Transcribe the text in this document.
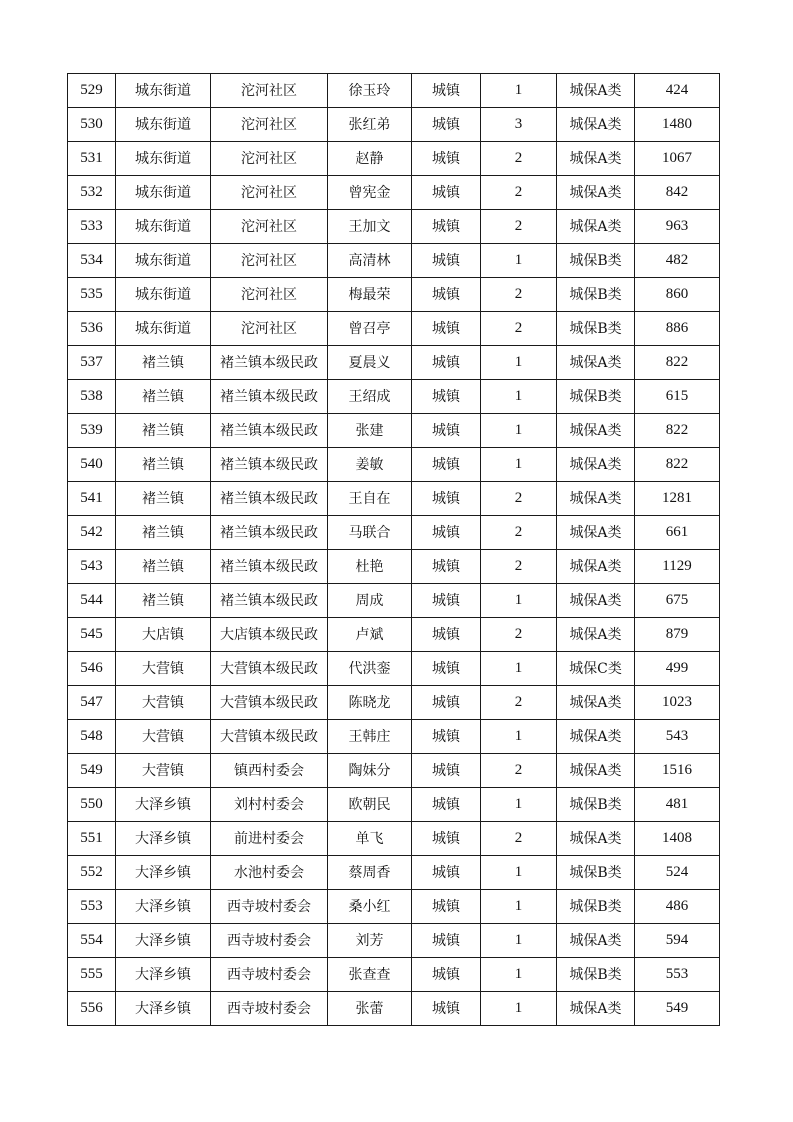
529	城东街道	沱河社区	徐玉玲	城镇	1	城保A类	424
530	城东街道	沱河社区	张红弟	城镇	3	城保A类	1480
531	城东街道	沱河社区	赵静	城镇	2	城保A类	1067
532	城东街道	沱河社区	曾宪金	城镇	2	城保A类	842
533	城东街道	沱河社区	王加文	城镇	2	城保A类	963
534	城东街道	沱河社区	高清林	城镇	1	城保B类	482
535	城东街道	沱河社区	梅最荣	城镇	2	城保B类	860
536	城东街道	沱河社区	曾召亭	城镇	2	城保B类	886
537	褚兰镇	褚兰镇本级民政	夏晨义	城镇	1	城保A类	822
538	褚兰镇	褚兰镇本级民政	王绍成	城镇	1	城保B类	615
539	褚兰镇	褚兰镇本级民政	张建	城镇	1	城保A类	822
540	褚兰镇	褚兰镇本级民政	姜敏	城镇	1	城保A类	822
541	褚兰镇	褚兰镇本级民政	王自在	城镇	2	城保A类	1281
542	褚兰镇	褚兰镇本级民政	马联合	城镇	2	城保A类	661
543	褚兰镇	褚兰镇本级民政	杜艳	城镇	2	城保A类	1129
544	褚兰镇	褚兰镇本级民政	周成	城镇	1	城保A类	675
545	大店镇	大店镇本级民政	卢斌	城镇	2	城保A类	879
546	大营镇	大营镇本级民政	代洪銮	城镇	1	城保C类	499
547	大营镇	大营镇本级民政	陈晓龙	城镇	2	城保A类	1023
548	大营镇	大营镇本级民政	王韩庄	城镇	1	城保A类	543
549	大营镇	镇西村委会	陶妹分	城镇	2	城保A类	1516
550	大泽乡镇	刘村村委会	欧朝民	城镇	1	城保B类	481
551	大泽乡镇	前进村委会	单飞	城镇	2	城保A类	1408
552	大泽乡镇	水池村委会	蔡周香	城镇	1	城保B类	524
553	大泽乡镇	西寺坡村委会	桑小红	城镇	1	城保B类	486
554	大泽乡镇	西寺坡村委会	刘芳	城镇	1	城保A类	594
555	大泽乡镇	西寺坡村委会	张查查	城镇	1	城保B类	553
556	大泽乡镇	西寺坡村委会	张蕾	城镇	1	城保A类	549
